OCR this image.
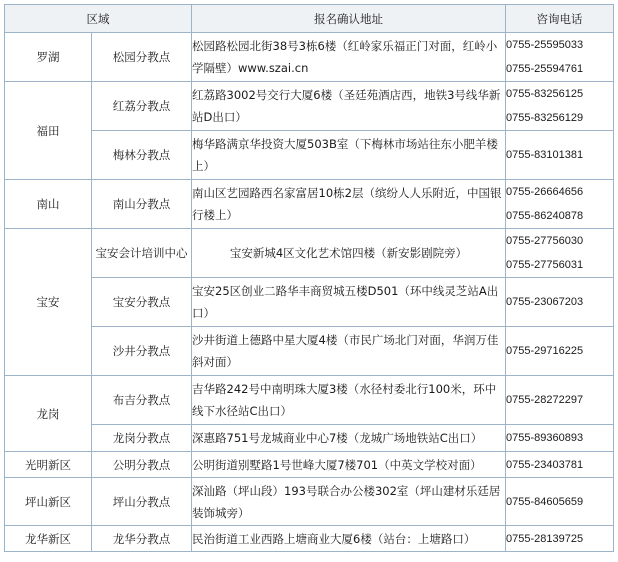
区域		报名确认地址	咨询电话
罗湖	松园分教点	松园路松园北街38号3栋6楼（红岭家乐福正门对面，红岭小学隔壁）www.szai.cn	0755-25595033
0755-25594761

福田	红荔分教点	红荔路3002号交行大厦6楼（圣廷苑酒店西，地铁3号线华新站D出口）	0755-83256125
0755-83256129

	梅林分教点	梅华路满京华投资大厦503B室（下梅林市场站往东小肥羊楼上）	0755-83101381

南山	南山分教点	南山区艺园路西名家富居10栋2层（缤纷人人乐附近，中国银行楼上）	0755-26664656
0755-86240878

宝安	宝安会计培训中心	宝安新城4区文化艺术馆四楼（新安影剧院旁）	0755-27756030
0755-27756031

	宝安分教点	宝安25区创业二路华丰商贸城五楼D501（环中线灵芝站A出口）	0755-23067203

	沙井分教点	沙井街道上德路中星大厦4楼（市民广场北门对面，华润万佳斜对面）	0755-29716225

龙岗	布吉分教点	吉华路242号中南明珠大厦3楼（水径村委北行100米，环中线下水径站C出口）	0755-28272297

	龙岗分教点	深惠路751号龙城商业中心7楼（龙城广场地铁站C出口）	0755-89360893

光明新区	公明分教点	公明街道别墅路1号世峰大厦7楼701（中英文学校对面）	0755-23403781

坪山新区	坪山分教点	深汕路（坪山段）193号联合办公楼302室（坪山建材乐廷居装饰城旁）	0755-84605659

龙华新区	龙华分教点	民治街道工业西路上塘商业大厦6楼（站台：上塘路口）	0755-28139725
